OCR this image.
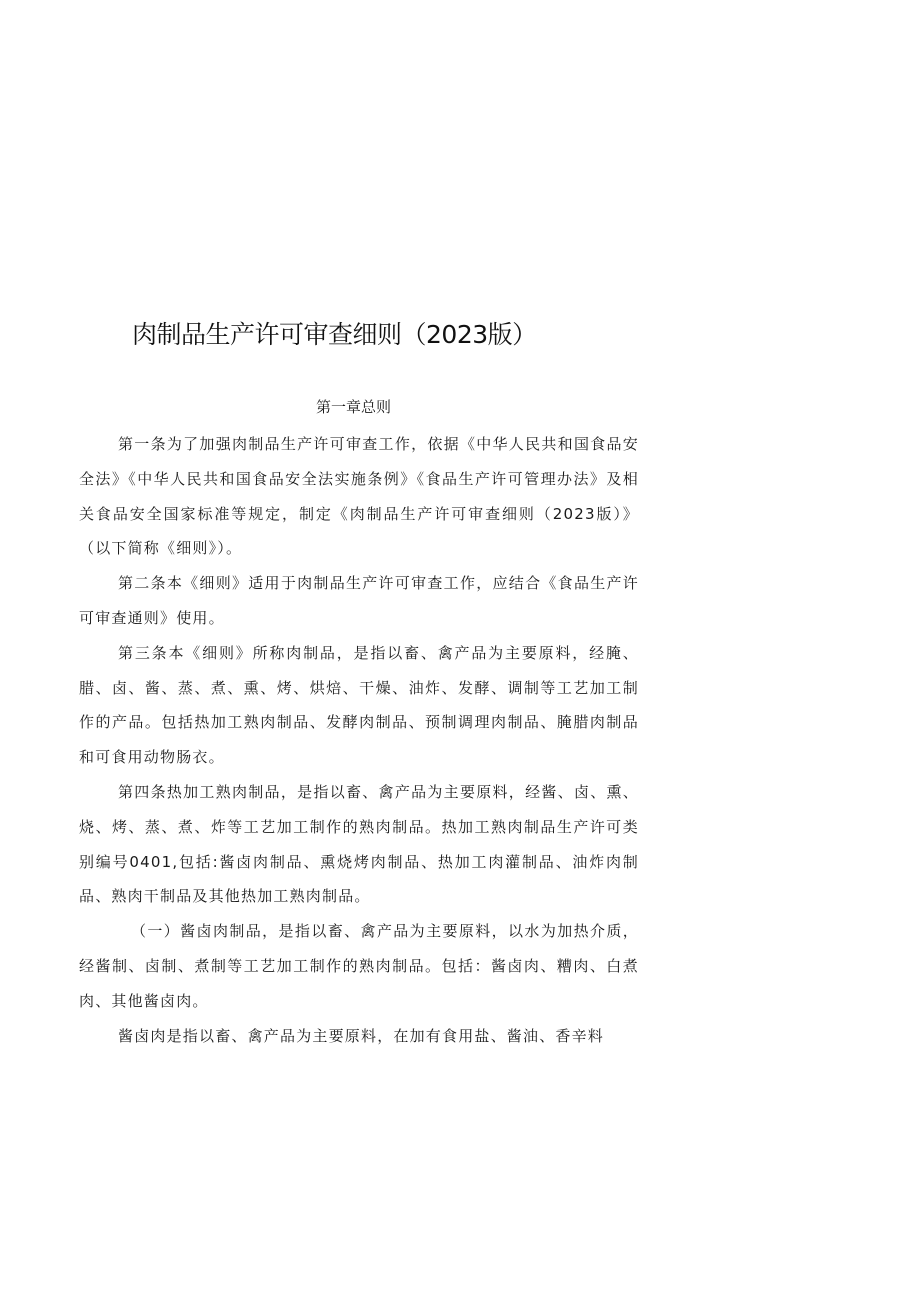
肉制品生产许可审查细则（2023版）
第一章总则

第一条为了加强肉制品生产许可审查工作，依据《中华人民共和国食品安全法》《中华人民共和国食品安全法实施条例》《食品生产许可管理办法》及相关食品安全国家标准等规定，制定《肉制品生产许可审查细则（2023版）》（以下简称《细则》）。

第二条本《细则》适用于肉制品生产许可审查工作，应结合《食品生产许可审查通则》使用。

第三条本《细则》所称肉制品，是指以畜、禽产品为主要原料，经腌、腊、卤、酱、蒸、煮、熏、烤、烘焙、干燥、油炸、发酵、调制等工艺加工制作的产品。包括热加工熟肉制品、发酵肉制品、预制调理肉制品、腌腊肉制品和可食用动物肠衣。

第四条热加工熟肉制品，是指以畜、禽产品为主要原料，经酱、卤、熏、烧、烤、蒸、煮、炸等工艺加工制作的熟肉制品。热加工熟肉制品生产许可类别编号0401,包括:酱卤肉制品、熏烧烤肉制品、热加工肉灌制品、油炸肉制品、熟肉干制品及其他热加工熟肉制品。

（一）酱卤肉制品，是指以畜、禽产品为主要原料，以水为加热介质，经酱制、卤制、煮制等工艺加工制作的熟肉制品。包括：酱卤肉、糟肉、白煮肉、其他酱卤肉。

酱卤肉是指以畜、禽产品为主要原料，在加有食用盐、酱油、香辛料
